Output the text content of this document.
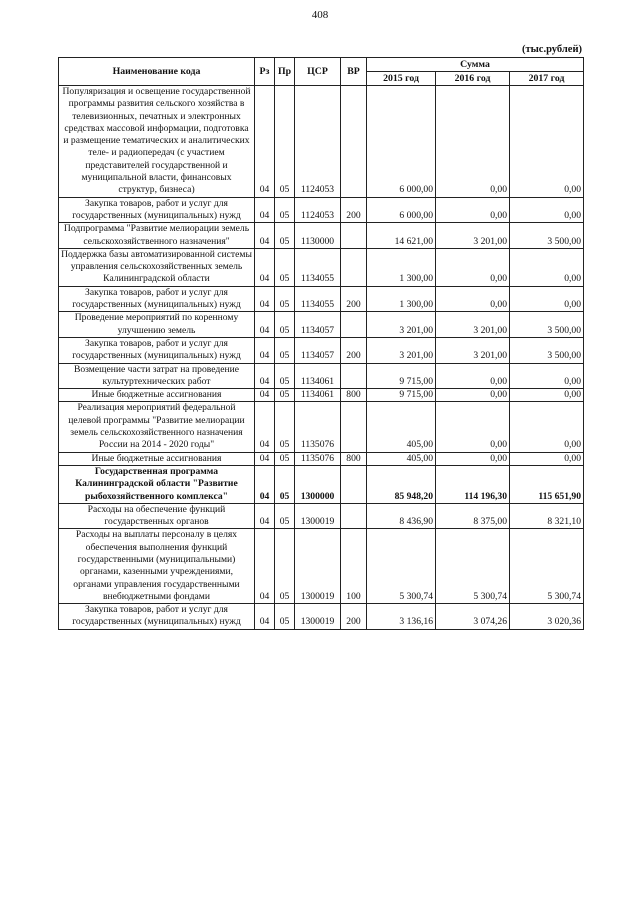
408
(тыс.рублей)
Наименование кода	Рз	Пр	ЦСР	ВР	Сумма		
					2015 год	2016 год	2017 год
Популяризация и освещение государственной программы развития сельского хозяйства в телевизионных, печатных и электронных средствах массовой информации, подготовка и размещение тематических и аналитических теле- и радиопередач (с участием представителей государственной и муниципальной власти, финансовых структур, бизнеса)	04	05	1124053		6 000,00	0,00	0,00
Закупка товаров, работ и услуг для государственных (муниципальных) нужд	04	05	1124053	200	6 000,00	0,00	0,00
Подпрограмма "Развитие мелиорации земель сельскохозяйственного назначения"	04	05	1130000		14 621,00	3 201,00	3 500,00
Поддержка базы автоматизированной системы управления сельскохозяйственных земель Калининградской области	04	05	1134055		1 300,00	0,00	0,00
Закупка товаров, работ и услуг для государственных (муниципальных) нужд	04	05	1134055	200	1 300,00	0,00	0,00
Проведение мероприятий по коренному улучшению земель	04	05	1134057		3 201,00	3 201,00	3 500,00
Закупка товаров, работ и услуг для государственных (муниципальных) нужд	04	05	1134057	200	3 201,00	3 201,00	3 500,00
Возмещение части затрат на проведение культуртехнических работ	04	05	1134061		9 715,00	0,00	0,00
Иные бюджетные ассигнования	04	05	1134061	800	9 715,00	0,00	0,00
Реализация мероприятий федеральной целевой программы "Развитие мелиорации земель сельскохозяйственного назначения России на 2014 - 2020 годы"	04	05	1135076		405,00	0,00	0,00
Иные бюджетные ассигнования	04	05	1135076	800	405,00	0,00	0,00
Государственная программа Калининградской области "Развитие рыбохозяйственного комплекса"	04	05	1300000		85 948,20	114 196,30	115 651,90
Расходы на обеспечение функций государственных органов	04	05	1300019		8 436,90	8 375,00	8 321,10
Расходы на выплаты персоналу в целях обеспечения выполнения функций государственными (муниципальными) органами, казенными учреждениями, органами управления государственными внебюджетными фондами	04	05	1300019	100	5 300,74	5 300,74	5 300,74
Закупка товаров, работ и услуг для государственных (муниципальных) нужд	04	05	1300019	200	3 136,16	3 074,26	3 020,36
